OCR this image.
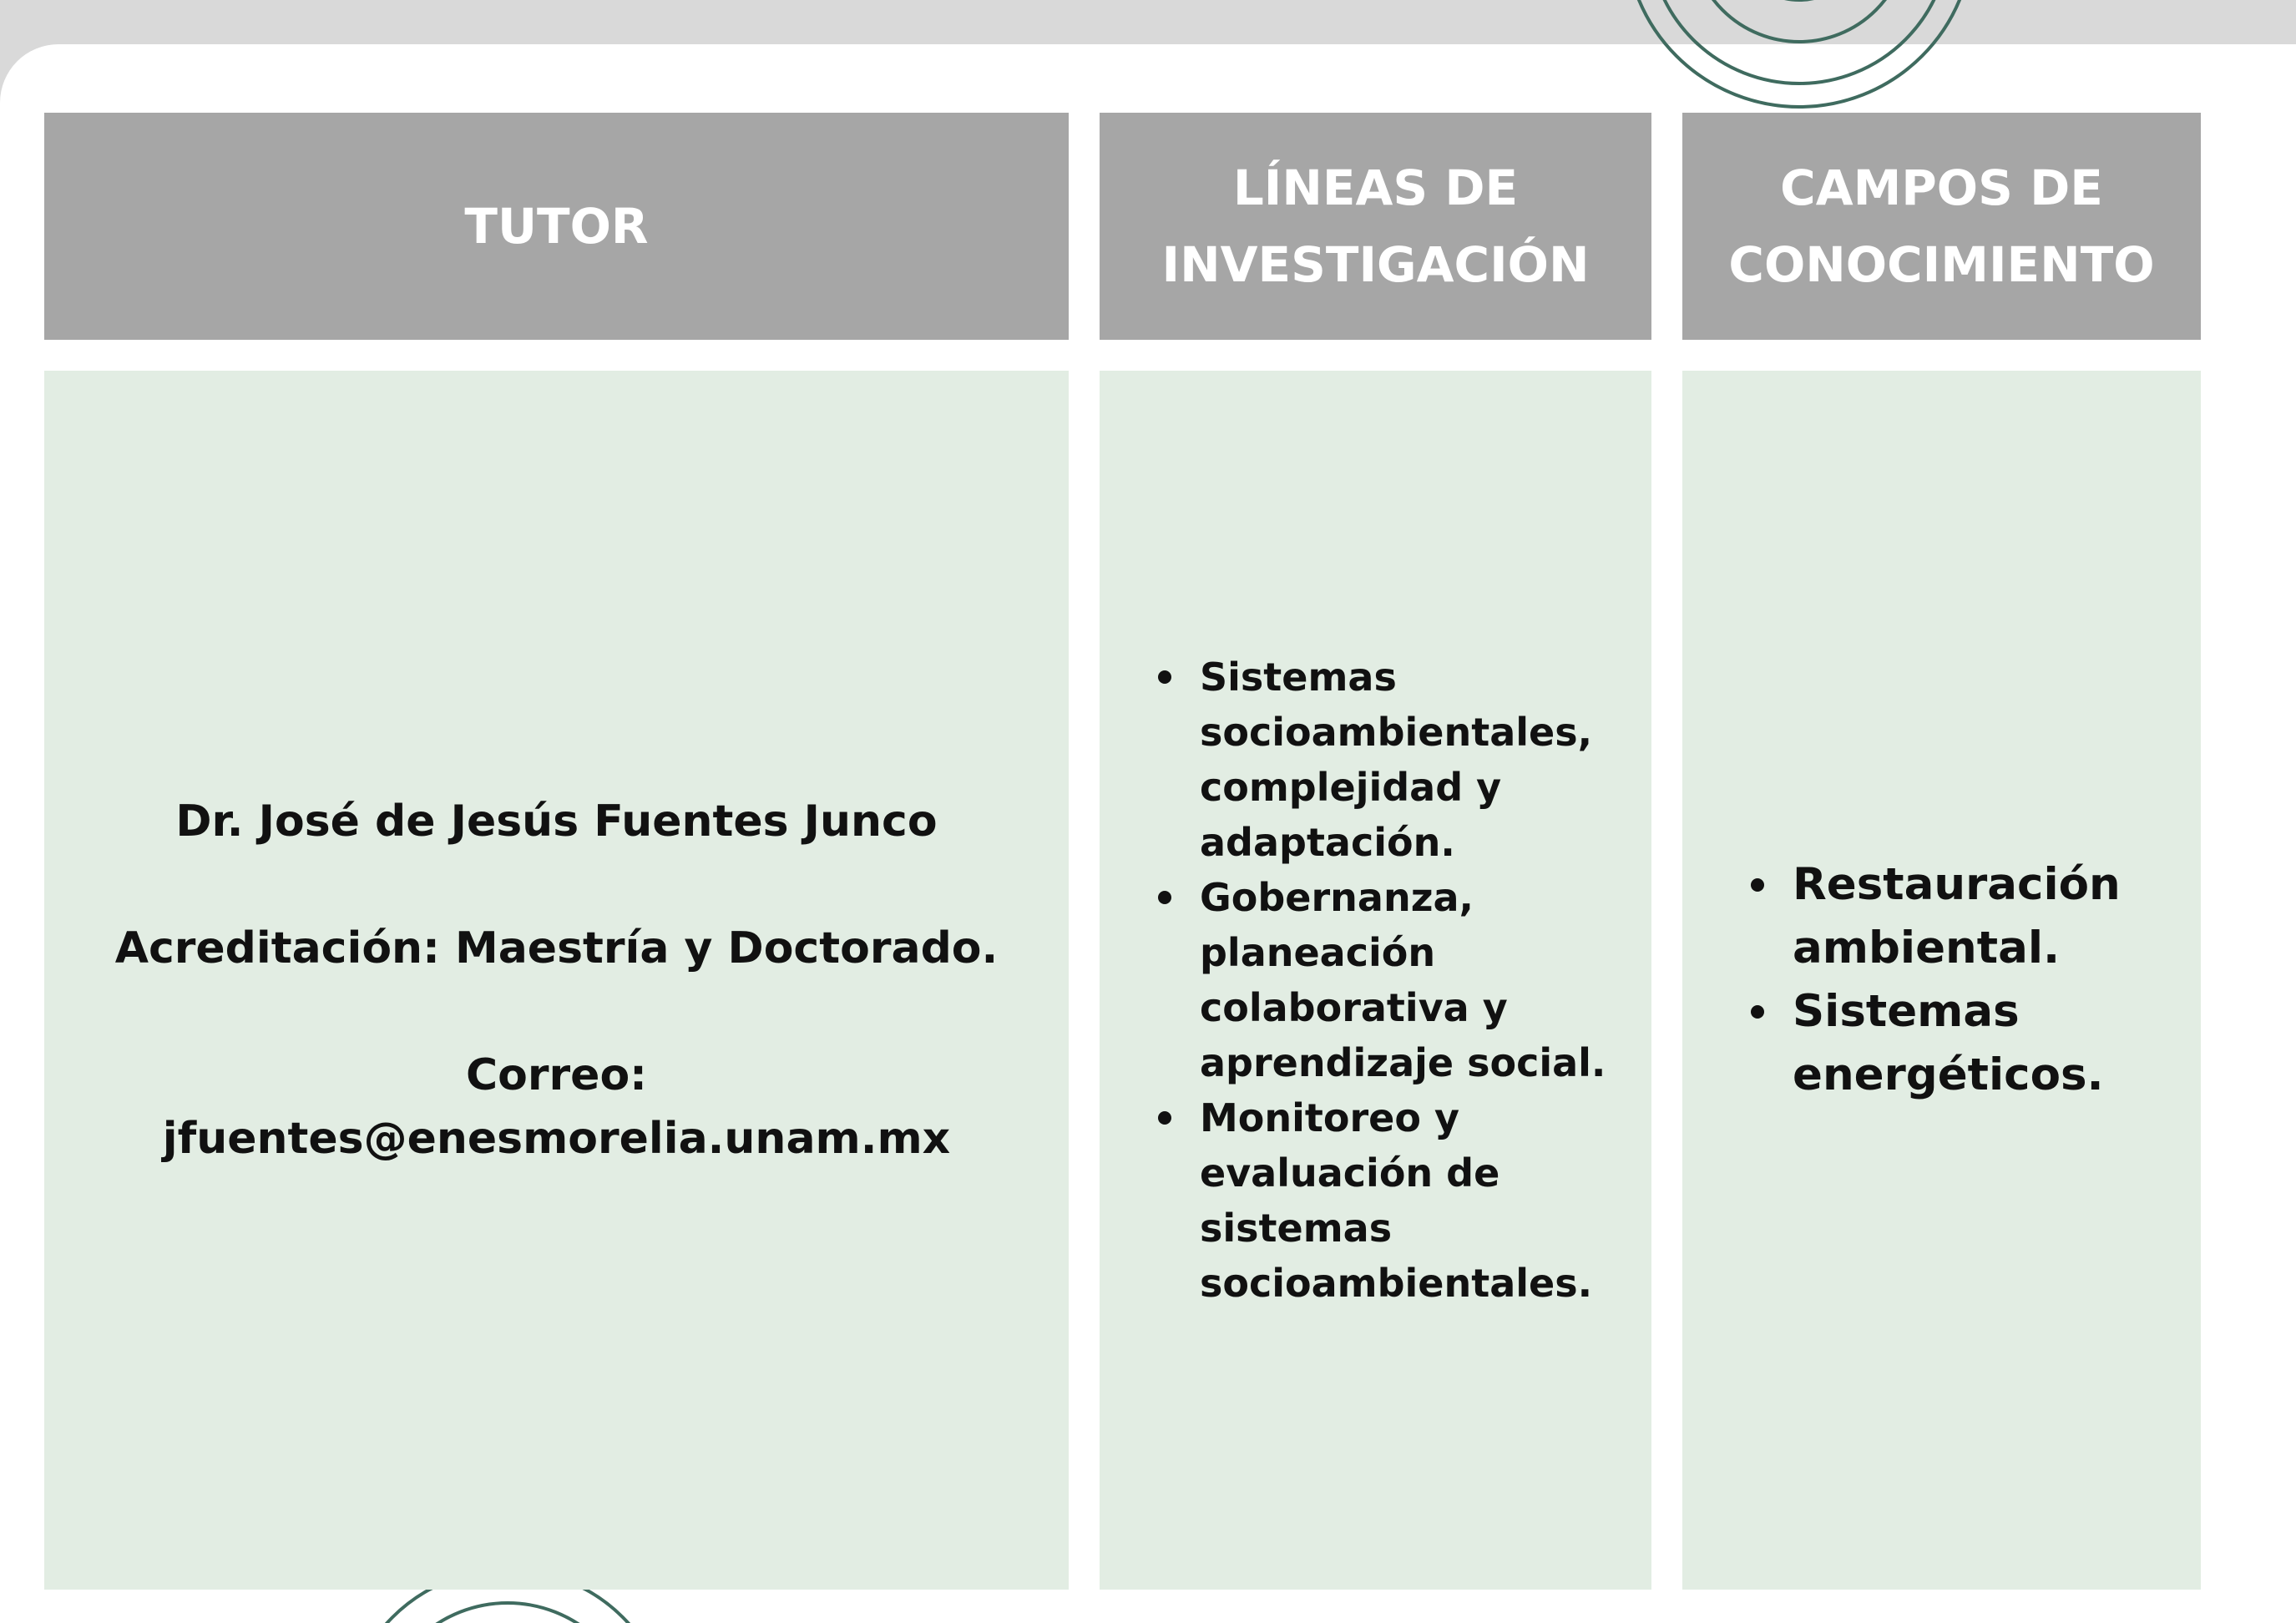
TUTOR
LÍNEAS DE
INVESTIGACIÓN
CAMPOS DE
CONOCIMIENTO

Dr. José de Jesús Fuentes Junco

Acreditación: Maestría y Doctorado.

Correo:

jfuentes@enesmorelia.unam.mx

Sistemas socioambientales, complejidad y adaptación.
Gobernanza, planeación colaborativa y aprendizaje social.
Monitoreo y evaluación de sistemas socioambientales.
Restauración ambiental.
Sistemas energéticos.
